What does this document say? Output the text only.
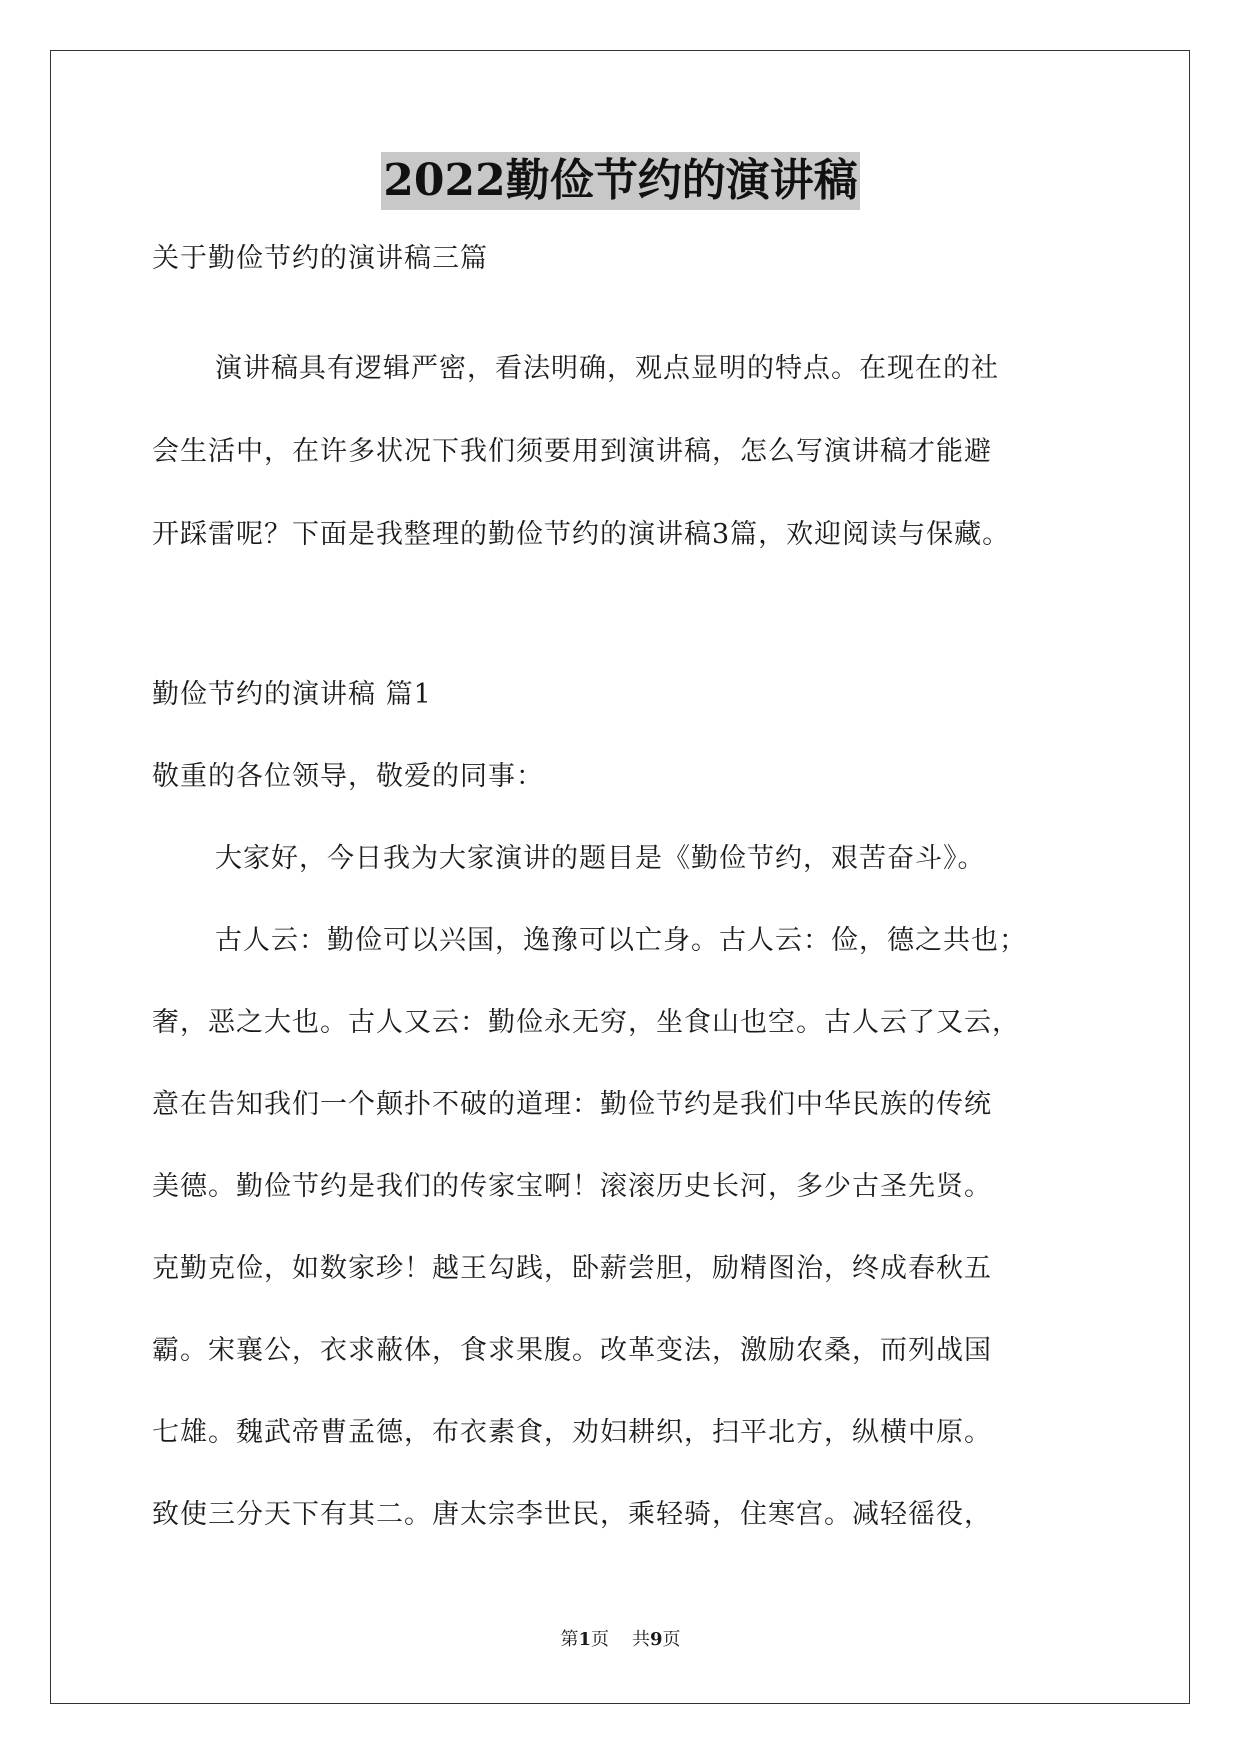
2022勤俭节约的演讲稿
关于勤俭节约的演讲稿三篇
演讲稿具有逻辑严密，看法明确，观点显明的特点。在现在的社
会生活中，在许多状况下我们须要用到演讲稿，怎么写演讲稿才能避
开踩雷呢？下面是我整理的勤俭节约的演讲稿3篇，欢迎阅读与保藏。
勤俭节约的演讲稿 篇1
敬重的各位领导，敬爱的同事：
大家好，今日我为大家演讲的题目是《勤俭节约，艰苦奋斗》。
古人云：勤俭可以兴国，逸豫可以亡身。古人云：俭，德之共也；
奢，恶之大也。古人又云：勤俭永无穷，坐食山也空。古人云了又云，
意在告知我们一个颠扑不破的道理：勤俭节约是我们中华民族的传统
美德。勤俭节约是我们的传家宝啊！滚滚历史长河，多少古圣先贤。
克勤克俭，如数家珍！越王勾践，卧薪尝胆，励精图治，终成春秋五
霸。宋襄公，衣求蔽体，食求果腹。改革变法，激励农桑，而列战国
七雄。魏武帝曹孟德，布衣素食，劝妇耕织，扫平北方，纵横中原。
致使三分天下有其二。唐太宗李世民，乘轻骑，住寒宫。减轻徭役，
第1页 共9页
